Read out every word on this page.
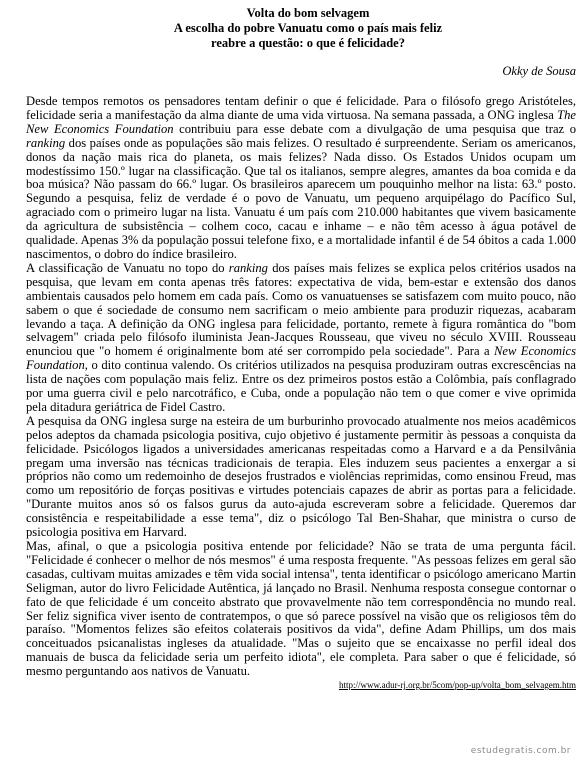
Volta do bom selvagem
A escolha do pobre Vanuatu como o país mais feliz
reabre a questão: o que é felicidade?
Okky de Sousa

Desde tempos remotos os pensadores tentam definir o que é felicidade. Para o filósofo grego Aristóteles, felicidade seria a manifestação da alma diante de uma vida virtuosa. Na semana passada, a ONG inglesa The New Economics Foundation contribuiu para esse debate com a divulgação de uma pesquisa que traz o ranking dos países onde as populações são mais felizes. O resultado é surpreendente. Seriam os americanos, donos da nação mais rica do planeta, os mais felizes? Nada disso. Os Estados Unidos ocupam um modestíssimo 150.º lugar na classificação. Que tal os italianos, sempre alegres, amantes da boa comida e da boa música? Não passam do 66.º lugar. Os brasileiros aparecem um pouquinho melhor na lista: 63.º posto. Segundo a pesquisa, feliz de verdade é o povo de Vanuatu, um pequeno arquipélago do Pacífico Sul, agraciado com o primeiro lugar na lista. Vanuatu é um país com 210.000 habitantes que vivem basicamente da agricultura de subsistência – colhem coco, cacau e inhame – e não têm acesso à água potável de qualidade. Apenas 3% da população possui telefone fixo, e a mortalidade infantil é de 54 óbitos a cada 1.000 nascimentos, o dobro do índice brasileiro.

A classificação de Vanuatu no topo do ranking dos países mais felizes se explica pelos critérios usados na pesquisa, que levam em conta apenas três fatores: expectativa de vida, bem-estar e extensão dos danos ambientais causados pelo homem em cada país. Como os vanuatuenses se satisfazem com muito pouco, não sabem o que é sociedade de consumo nem sacrificam o meio ambiente para produzir riquezas, acabaram levando a taça. A definição da ONG inglesa para felicidade, portanto, remete à figura romântica do "bom selvagem" criada pelo filósofo iluminista Jean-Jacques Rousseau, que viveu no século XVIII. Rousseau enunciou que "o homem é originalmente bom até ser corrompido pela sociedade". Para a New Economics Foundation, o dito continua valendo. Os critérios utilizados na pesquisa produziram outras excrescências na lista de nações com população mais feliz. Entre os dez primeiros postos estão a Colômbia, país conflagrado por uma guerra civil e pelo narcotráfico, e Cuba, onde a população não tem o que comer e vive oprimida pela ditadura geriátrica de Fidel Castro.

A pesquisa da ONG inglesa surge na esteira de um burburinho provocado atualmente nos meios acadêmicos pelos adeptos da chamada psicologia positiva, cujo objetivo é justamente permitir às pessoas a conquista da felicidade. Psicólogos ligados a universidades americanas respeitadas como a Harvard e a da Pensilvânia pregam uma inversão nas técnicas tradicionais de terapia. Eles induzem seus pacientes a enxergar a si próprios não como um redemoinho de desejos frustrados e violências reprimidas, como ensinou Freud, mas como um repositório de forças positivas e virtudes potenciais capazes de abrir as portas para a felicidade. "Durante muitos anos só os falsos gurus da auto-ajuda escreveram sobre a felicidade. Queremos dar consistência e respeitabilidade a esse tema", diz o psicólogo Tal Ben-Shahar, que ministra o curso de psicologia positiva em Harvard.

Mas, afinal, o que a psicologia positiva entende por felicidade? Não se trata de uma pergunta fácil. "Felicidade é conhecer o melhor de nós mesmos" é uma resposta frequente. "As pessoas felizes em geral são casadas, cultivam muitas amizades e têm vida social intensa", tenta identificar o psicólogo americano Martin Seligman, autor do livro Felicidade Autêntica, já lançado no Brasil. Nenhuma resposta consegue contornar o fato de que felicidade é um conceito abstrato que provavelmente não tem correspondência no mundo real. Ser feliz significa viver isento de contratempos, o que só parece possível na visão que os religiosos têm do paraíso. "Momentos felizes são efeitos colaterais positivos da vida", define Adam Phillips, um dos mais conceituados psicanalistas ingleses da atualidade. "Mas o sujeito que se encaixasse no perfil ideal dos manuais de busca da felicidade seria um perfeito idiota", ele completa. Para saber o que é felicidade, só mesmo perguntando aos nativos de Vanuatu.

http://www.adur-rj.org.br/5com/pop-up/volta_bom_selvagem.htm
estudegratis.com.br
